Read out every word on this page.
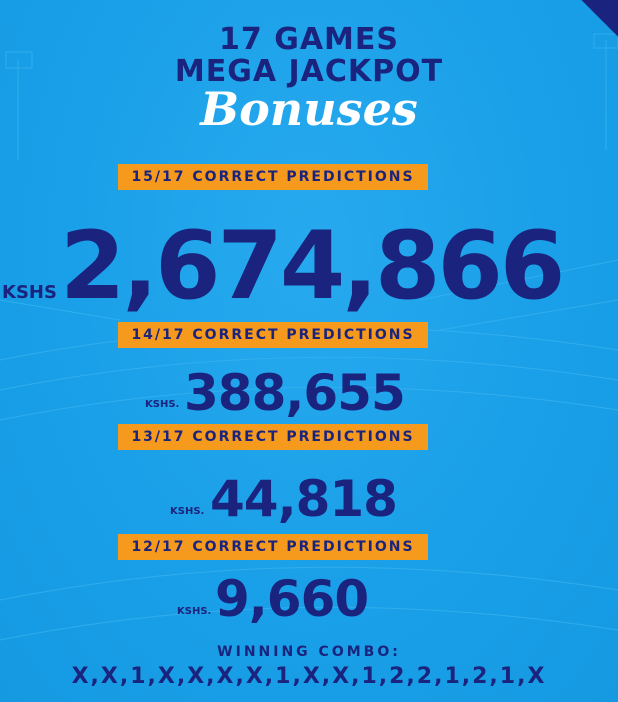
17 GAMES
MEGA JACKPOT
Bonuses
15/17 CORRECT PREDICTIONS
KSHS 2,674,866
14/17 CORRECT PREDICTIONS
KSHS. 388,655
13/17 CORRECT PREDICTIONS
KSHS. 44,818
12/17 CORRECT PREDICTIONS
KSHS. 9,660
WINNING COMBO:
X,X,1,X,X,X,X,1,X,X,1,2,2,1,2,1,X
